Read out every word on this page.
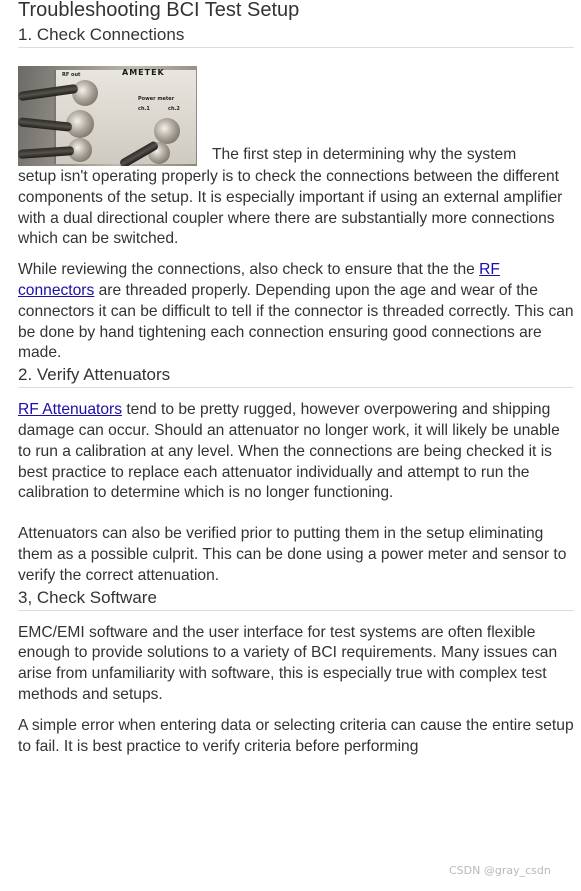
Troubleshooting BCI Test Setup
1. Check Connections
AMETEK
RF out
Power meter
ch.1	ch.2
The first step in determining why the system

setup isn't operating properly is to check the connections between the different components of the setup. It is especially important if using an external amplifier with a dual directional coupler where there are substantially more connections which can be switched.

While reviewing the connections, also check to ensure that the the RF connectors are threaded properly. Depending upon the age and wear of the connectors it can be difficult to tell if the connector is threaded correctly. This can be done by hand tightening each connection ensuring good connections are made.

2. Verify Attenuators

RF Attenuators tend to be pretty rugged, however overpowering and shipping damage can occur. Should an attenuator no longer work, it will likely be unable to run a calibration at any level. When the connections are being checked it is best practice to replace each attenuator individually and attempt to run the calibration to determine which is no longer functioning.

Attenuators can also be verified prior to putting them in the setup eliminating them as a possible culprit. This can be done using a power meter and sensor to verify the correct attenuation.

3, Check Software

EMC/EMI software and the user interface for test systems are often flexible enough to provide solutions to a variety of BCI requirements. Many issues can arise from unfamiliarity with software, this is especially true with complex test methods and setups.

A simple error when entering data or selecting criteria can cause the entire setup to fail. It is best practice to verify criteria before performing

CSDN @gray_csdn
